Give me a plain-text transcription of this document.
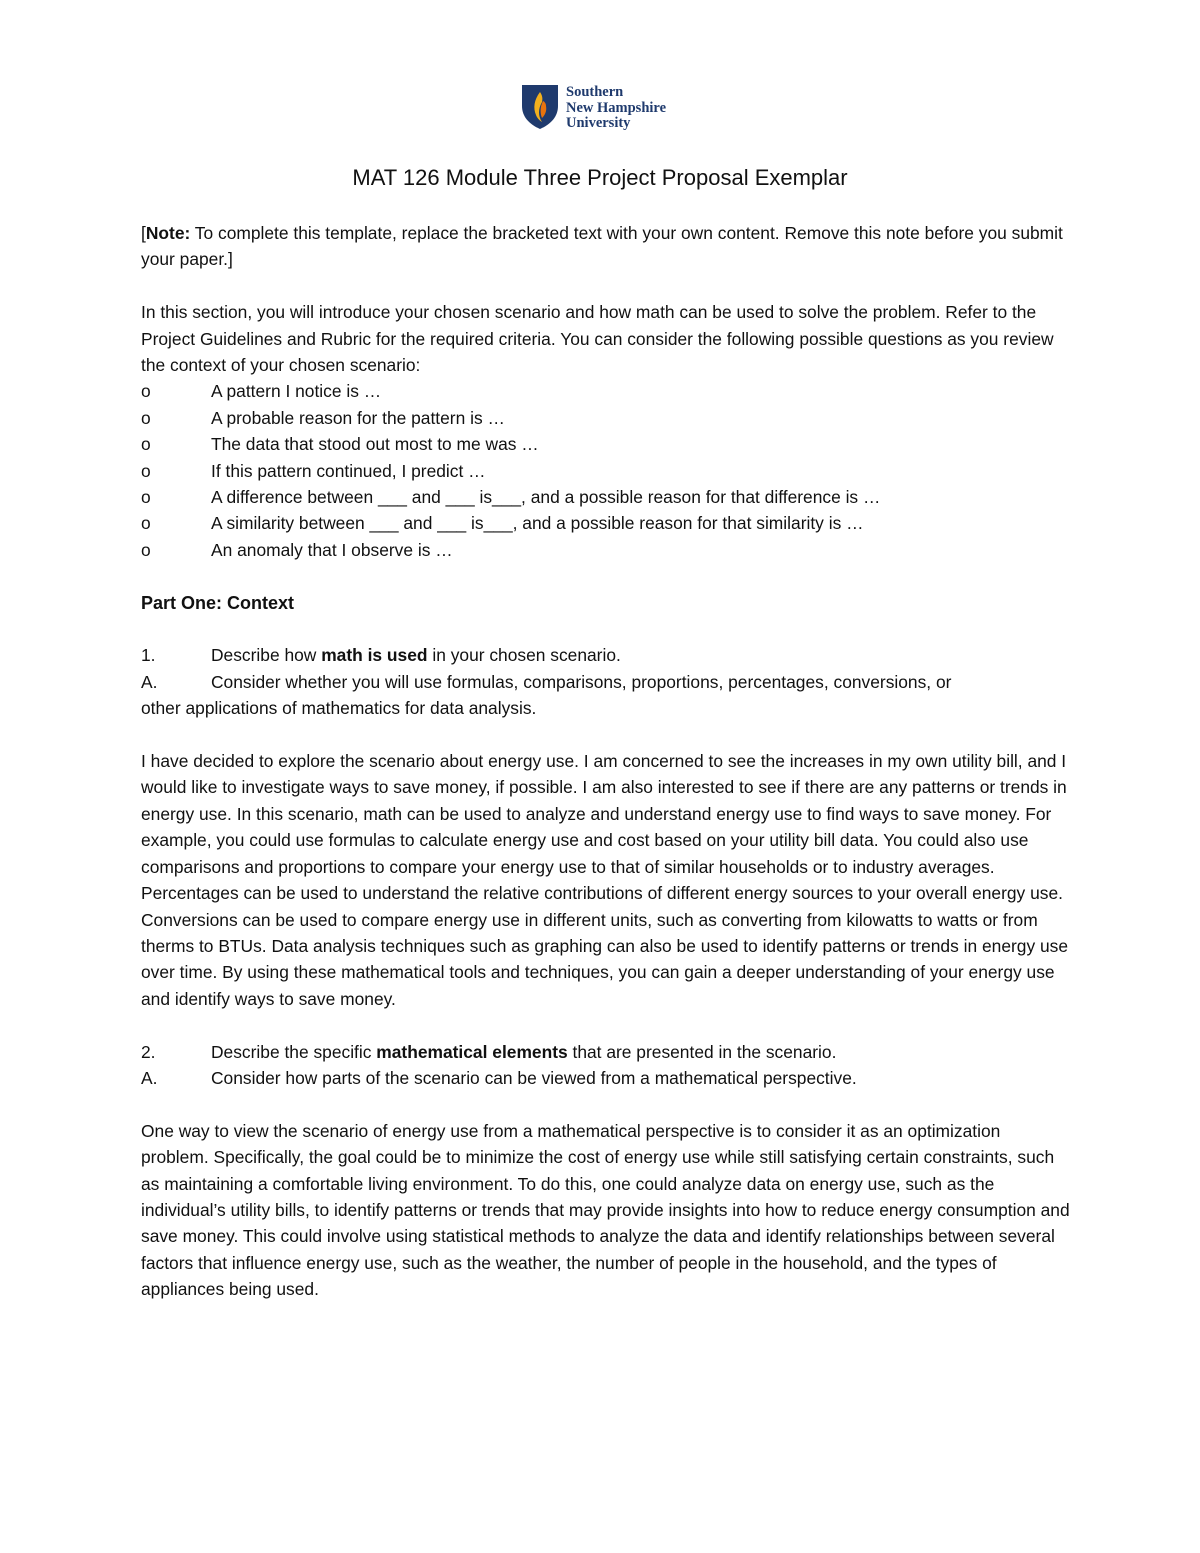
Southern
New Hampshire
University
MAT 126 Module Three Project Proposal Exemplar

[Note: To complete this template, replace the bracketed text with your own content. Remove this note before you submit your paper.]

In this section, you will introduce your chosen scenario and how math can be used to solve the problem. Refer to the Project Guidelines and Rubric for the required criteria. You can consider the following possible questions as you review the context of your chosen scenario:

o	A pattern I notice is …
o	A probable reason for the pattern is …
o	The data that stood out most to me was …
o	If this pattern continued, I predict …
o	A difference between ___ and ___ is___, and a possible reason for that difference is …
o	A similarity between ___ and ___ is___, and a possible reason for that similarity is …
o	An anomaly that I observe is …

Part One: Context

1.	Describe how math is used in your chosen scenario.
A.	Consider whether you will use formulas, comparisons, proportions, percentages, conversions, or

other applications of mathematics for data analysis.

I have decided to explore the scenario about energy use. I am concerned to see the increases in my own utility bill, and I would like to investigate ways to save money, if possible. I am also interested to see if there are any patterns or trends in energy use. In this scenario, math can be used to analyze and understand energy use to find ways to save money. For example, you could use formulas to calculate energy use and cost based on your utility bill data. You could also use comparisons and proportions to compare your energy use to that of similar households or to industry averages. Percentages can be used to understand the relative contributions of different energy sources to your overall energy use. Conversions can be used to compare energy use in different units, such as converting from kilowatts to watts or from therms to BTUs. Data analysis techniques such as graphing can also be used to identify patterns or trends in energy use over time. By using these mathematical tools and techniques, you can gain a deeper understanding of your energy use and identify ways to save money.

2.	Describe the specific mathematical elements that are presented in the scenario.
A.	Consider how parts of the scenario can be viewed from a mathematical perspective.

One way to view the scenario of energy use from a mathematical perspective is to consider it as an optimization problem. Specifically, the goal could be to minimize the cost of energy use while still satisfying certain constraints, such as maintaining a comfortable living environment. To do this, one could analyze data on energy use, such as the individual’s utility bills, to identify patterns or trends that may provide insights into how to reduce energy consumption and save money. This could involve using statistical methods to analyze the data and identify relationships between several factors that influence energy use, such as the weather, the number of people in the household, and the types of appliances being used.
